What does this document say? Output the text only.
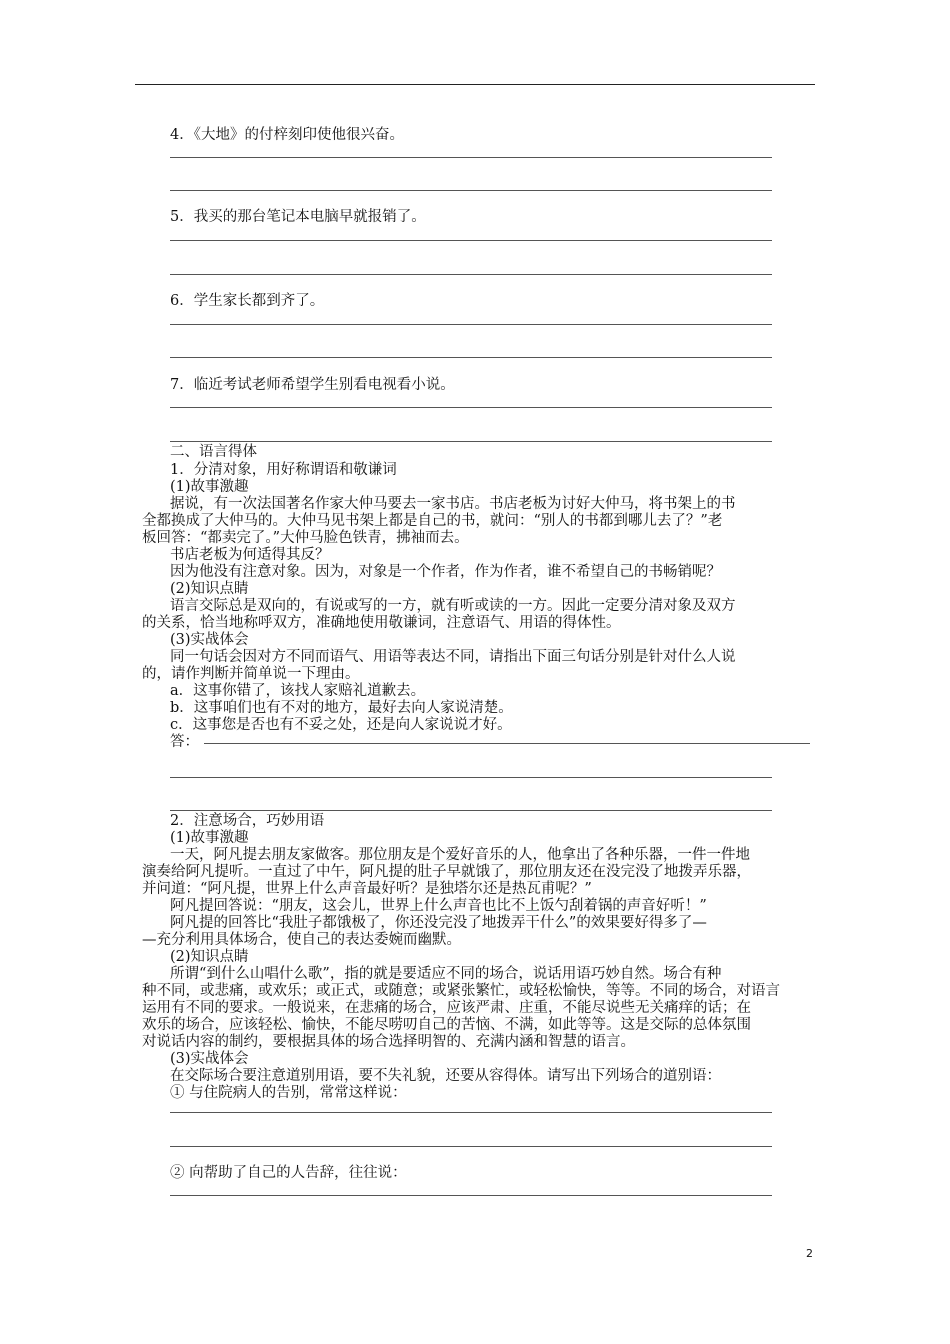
4．《大地》的付梓刻印使他很兴奋。
5．我买的那台笔记本电脑早就报销了。
6．学生家长都到齐了。
7．临近考试老师希望学生别看电视看小说。
二、语言得体
1．分清对象，用好称谓语和敬谦词
(1)故事激趣
据说，有一次法国著名作家大仲马要去一家书店。书店老板为讨好大仲马，将书架上的书
全都换成了大仲马的。大仲马见书架上都是自己的书，就问：“别人的书都到哪儿去了？”老
板回答：“都卖完了。”大仲马脸色铁青，拂袖而去。
书店老板为何适得其反？
因为他没有注意对象。因为，对象是一个作者，作为作者，谁不希望自己的书畅销呢？
(2)知识点睛
语言交际总是双向的，有说或写的一方，就有听或读的一方。因此一定要分清对象及双方
的关系，恰当地称呼双方，准确地使用敬谦词，注意语气、用语的得体性。
(3)实战体会
同一句话会因对方不同而语气、用语等表达不同，请指出下面三句话分别是针对什么人说
的，请作判断并简单说一下理由。
a．这事你错了，该找人家赔礼道歉去。
b．这事咱们也有不对的地方，最好去向人家说清楚。
c．这事您是否也有不妥之处，还是向人家说说才好。
答：
2．注意场合，巧妙用语
(1)故事激趣
一天，阿凡提去朋友家做客。那位朋友是个爱好音乐的人，他拿出了各种乐器，一件一件地
演奏给阿凡提听。一直过了中午，阿凡提的肚子早就饿了，那位朋友还在没完没了地拨弄乐器，
并问道：“阿凡提，世界上什么声音最好听？是独塔尔还是热瓦甫呢？”
阿凡提回答说：“朋友，这会儿，世界上什么声音也比不上饭勺刮着锅的声音好听！”
阿凡提的回答比“我肚子都饿极了，你还没完没了地拨弄干什么”的效果要好得多了—
—充分利用具体场合，使自己的表达委婉而幽默。
(2)知识点睛
所谓“到什么山唱什么歌”，指的就是要适应不同的场合，说话用语巧妙自然。场合有种
种不同，或悲痛，或欢乐；或正式，或随意；或紧张繁忙，或轻松愉快，等等。不同的场合，对语言
运用有不同的要求。一般说来，在悲痛的场合，应该严肃、庄重，不能尽说些无关痛痒的话；在
欢乐的场合，应该轻松、愉快，不能尽唠叨自己的苦恼、不满，如此等等。这是交际的总体氛围
对说话内容的制约，要根据具体的场合选择明智的、充满内涵和智慧的语言。
(3)实战体会
在交际场合要注意道别用语，要不失礼貌，还要从容得体。请写出下列场合的道别语：
① 与住院病人的告别，常常这样说：
② 向帮助了自己的人告辞，往往说：
2
